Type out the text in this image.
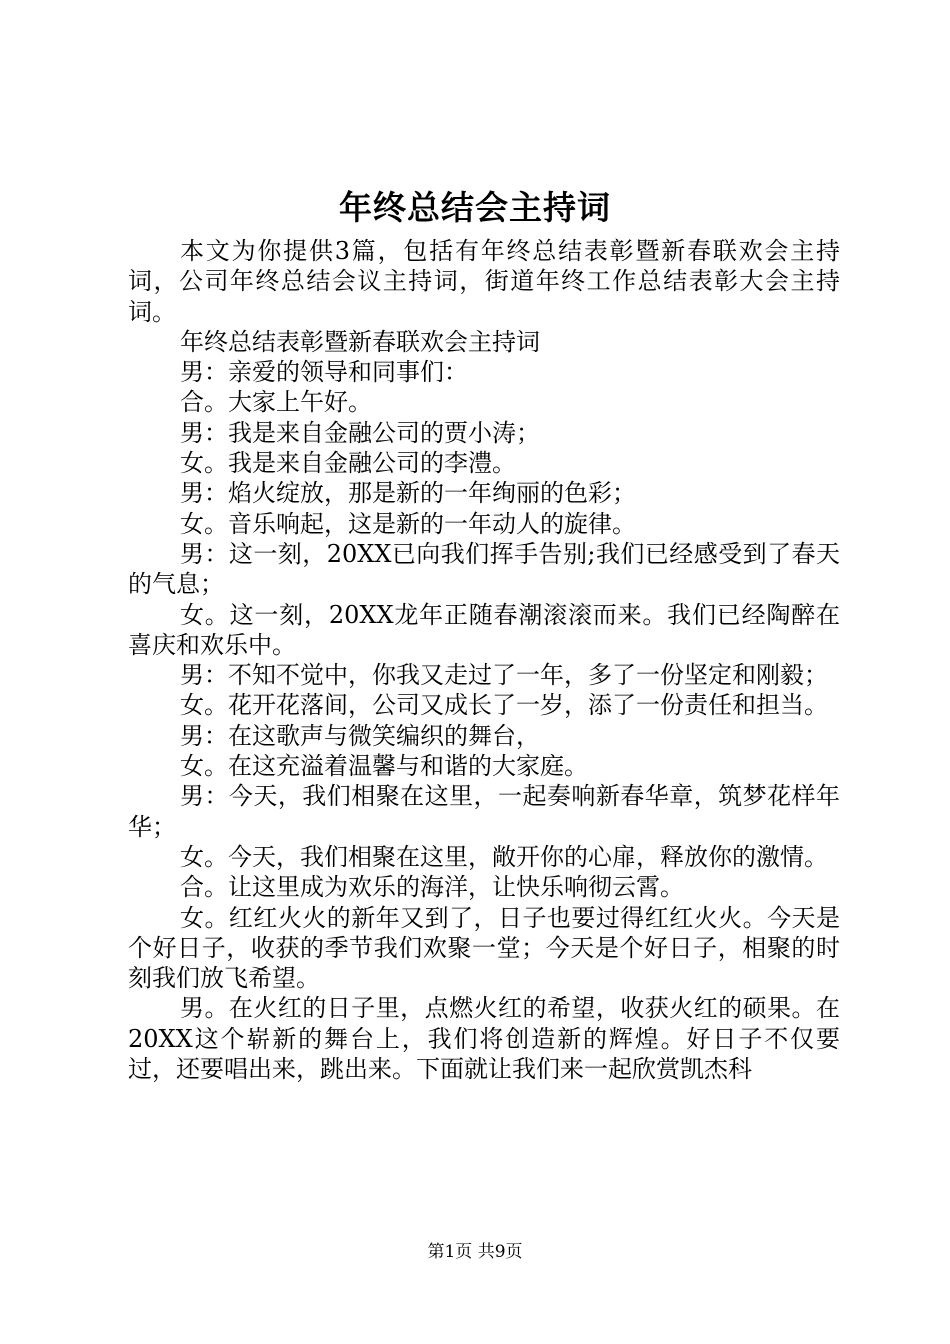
年终总结会主持词

本文为你提供3篇，包括有年终总结表彰暨新春联欢会主持词，公司年终总结会议主持词，街道年终工作总结表彰大会主持词。

年终总结表彰暨新春联欢会主持词

男：亲爱的领导和同事们：

合。大家上午好。

男：我是来自金融公司的贾小涛；

女。我是来自金融公司的李澧。

男：焰火绽放，那是新的一年绚丽的色彩；

女。音乐响起，这是新的一年动人的旋律。

男：这一刻，20XX已向我们挥手告别;我们已经感受到了春天的气息；

女。这一刻，20XX龙年正随春潮滚滚而来。我们已经陶醉在喜庆和欢乐中。

男：不知不觉中，你我又走过了一年，多了一份坚定和刚毅；

女。花开花落间，公司又成长了一岁，添了一份责任和担当。

男：在这歌声与微笑编织的舞台，

女。在这充溢着温馨与和谐的大家庭。

男：今天，我们相聚在这里，一起奏响新春华章，筑梦花样年华；

女。今天，我们相聚在这里，敞开你的心扉，释放你的激情。

合。让这里成为欢乐的海洋，让快乐响彻云霄。

女。红红火火的新年又到了，日子也要过得红红火火。今天是个好日子，收获的季节我们欢聚一堂；今天是个好日子，相聚的时刻我们放飞希望。

男。在火红的日子里，点燃火红的希望，收获火红的硕果。在20XX这个崭新的舞台上，我们将创造新的辉煌。好日子不仅要过，还要唱出来，跳出来。下面就让我们来一起欣赏凯杰科

第1页 共9页
